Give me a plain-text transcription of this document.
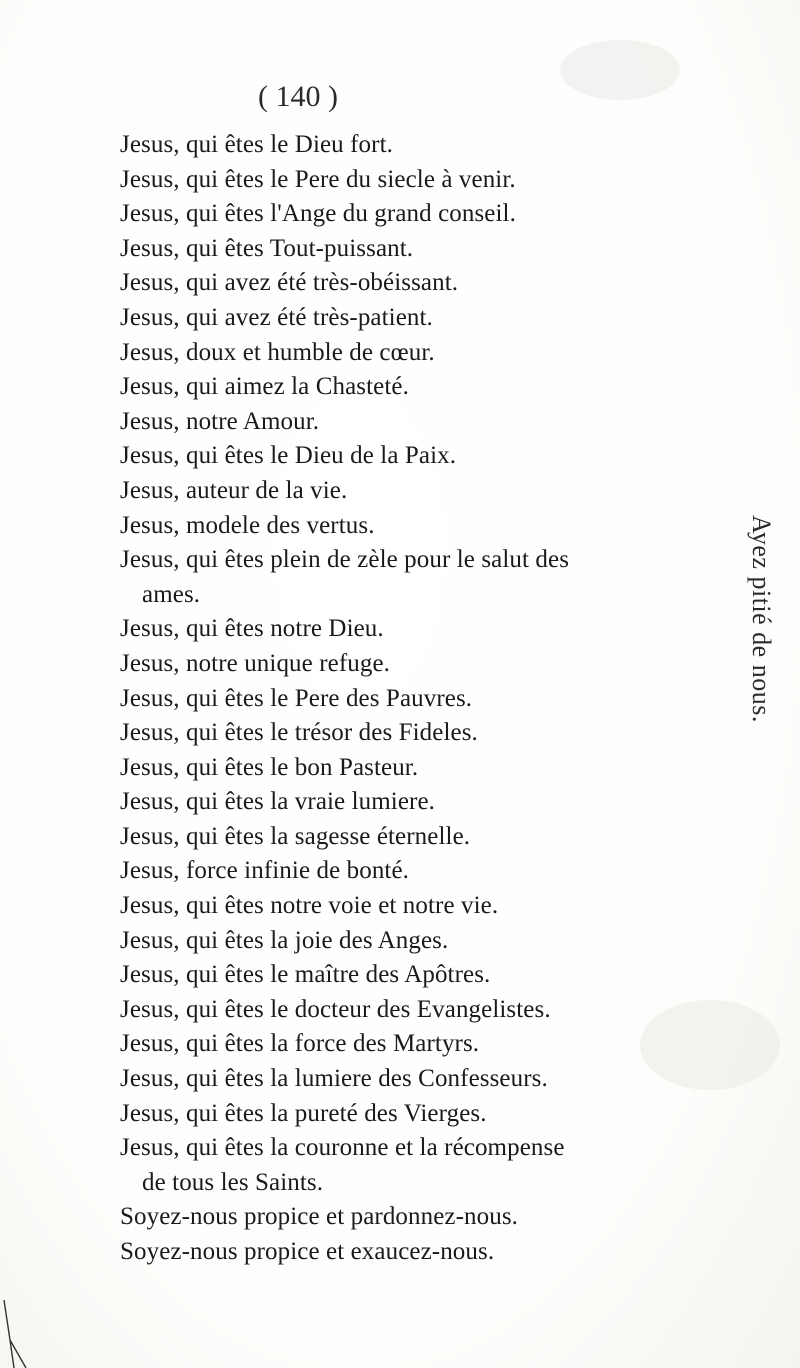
( 140 )
Jesus, qui êtes le Dieu fort.
Jesus, qui êtes le Pere du siecle à venir.
Jesus, qui êtes l'Ange du grand conseil.
Jesus, qui êtes Tout-puissant.
Jesus, qui avez été très-obéissant.
Jesus, qui avez été très-patient.
Jesus, doux et humble de cœur.
Jesus, qui aimez la Chasteté.
Jesus, notre Amour.
Jesus, qui êtes le Dieu de la Paix.
Jesus, auteur de la vie.
Jesus, modele des vertus.
Jesus, qui êtes plein de zèle pour le salut des
ames.
Jesus, qui êtes notre Dieu.
Jesus, notre unique refuge.
Jesus, qui êtes le Pere des Pauvres.
Jesus, qui êtes le trésor des Fideles.
Jesus, qui êtes le bon Pasteur.
Jesus, qui êtes la vraie lumiere.
Jesus, qui êtes la sagesse éternelle.
Jesus, force infinie de bonté.
Jesus, qui êtes notre voie et notre vie.
Jesus, qui êtes la joie des Anges.
Jesus, qui êtes le maître des Apôtres.
Jesus, qui êtes le docteur des Evangelistes.
Jesus, qui êtes la force des Martyrs.
Jesus, qui êtes la lumiere des Confesseurs.
Jesus, qui êtes la pureté des Vierges.
Jesus, qui êtes la couronne et la récompense
de tous les Saints.
Soyez-nous propice et pardonnez-nous.
Soyez-nous propice et exaucez-nous.
Ayez pitié de nous.
